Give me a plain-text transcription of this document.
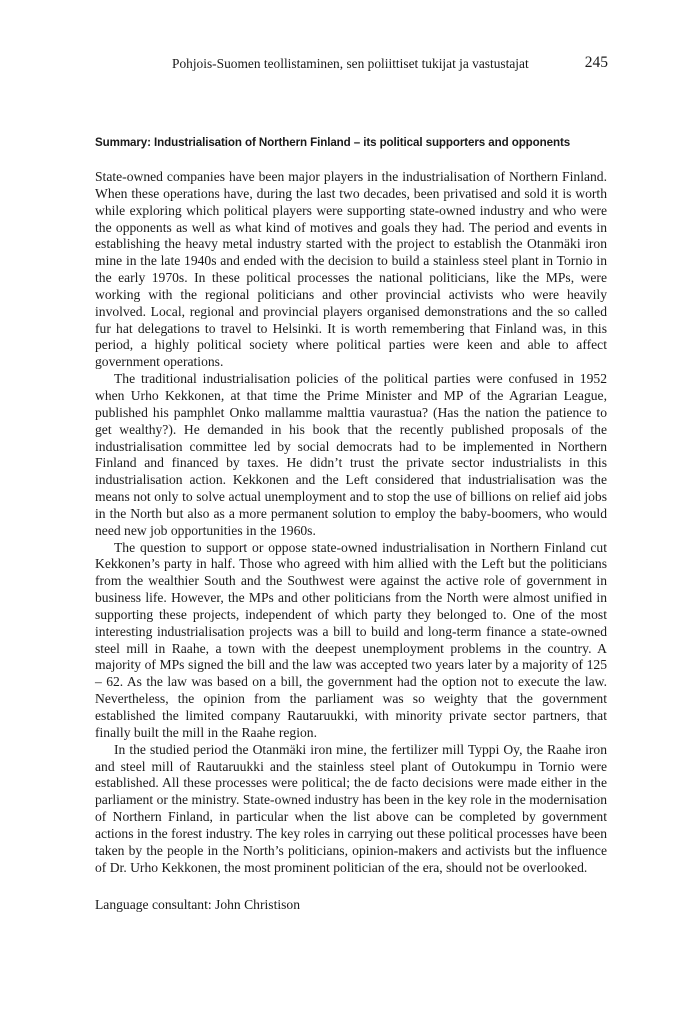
Pohjois-Suomen teollistaminen, sen poliittiset tukijat ja vastustajat	245
Summary: Industrialisation of Northern Finland – its political supporters and opponents

State-owned companies have been major players in the industrialisation of Northern Finland. When these operations have, during the last two decades, been privatised and sold it is worth while exploring which political players were supporting state-owned industry and who were the opponents as well as what kind of motives and goals they had. The period and events in establishing the heavy metal industry started with the project to establish the Otanmäki iron mine in the late 1940s and ended with the decision to build a stainless steel plant in Tornio in the early 1970s. In these political processes the national politicians, like the MPs, were working with the regional politicians and other provincial activists who were heavily involved. Local, regional and provincial players organised demonstrations and the so called fur hat delegations to travel to Helsinki. It is worth remembering that Finland was, in this period, a highly political society where political parties were keen and able to affect government operations.

The traditional industrialisation policies of the political parties were confused in 1952 when Urho Kekkonen, at that time the Prime Minister and MP of the Agrarian League, published his pamphlet Onko mallamme malttia vaurastua? (Has the nation the patience to get wealthy?). He demanded in his book that the recently published proposals of the industrialisation committee led by social democrats had to be implemented in Northern Finland and financed by taxes. He didn’t trust the private sector industrialists in this industrialisation action. Kekkonen and the Left considered that industrialisation was the means not only to solve actual unemployment and to stop the use of billions on relief aid jobs in the North but also as a more permanent solution to employ the baby-boomers, who would need new job opportunities in the 1960s.

The question to support or oppose state-owned industrialisation in Northern Finland cut Kekkonen’s party in half. Those who agreed with him allied with the Left but the politicians from the wealthier South and the Southwest were against the active role of government in business life. However, the MPs and other politicians from the North were almost unified in supporting these projects, independent of which party they belonged to. One of the most interesting industrialisation projects was a bill to build and long-term finance a state-owned steel mill in Raahe, a town with the deepest unemployment problems in the country. A majority of MPs signed the bill and the law was accepted two years later by a majority of 125 – 62. As the law was based on a bill, the government had the option not to execute the law. Nevertheless, the opinion from the parliament was so weighty that the government established the limited company Rautaruukki, with minority private sector partners, that finally built the mill in the Raahe region.

In the studied period the Otanmäki iron mine, the fertilizer mill Typpi Oy, the Raahe iron and steel mill of Rautaruukki and the stainless steel plant of Outokumpu in Tornio were established. All these processes were political; the de facto decisions were made either in the parliament or the ministry. State-owned industry has been in the key role in the modernisation of Northern Finland, in particular when the list above can be completed by government actions in the forest industry. The key roles in carrying out these political processes have been taken by the people in the North’s politicians, opinion-makers and activists but the influence of Dr. Urho Kekkonen, the most prominent politician of the era, should not be overlooked.

Language consultant: John Christison
